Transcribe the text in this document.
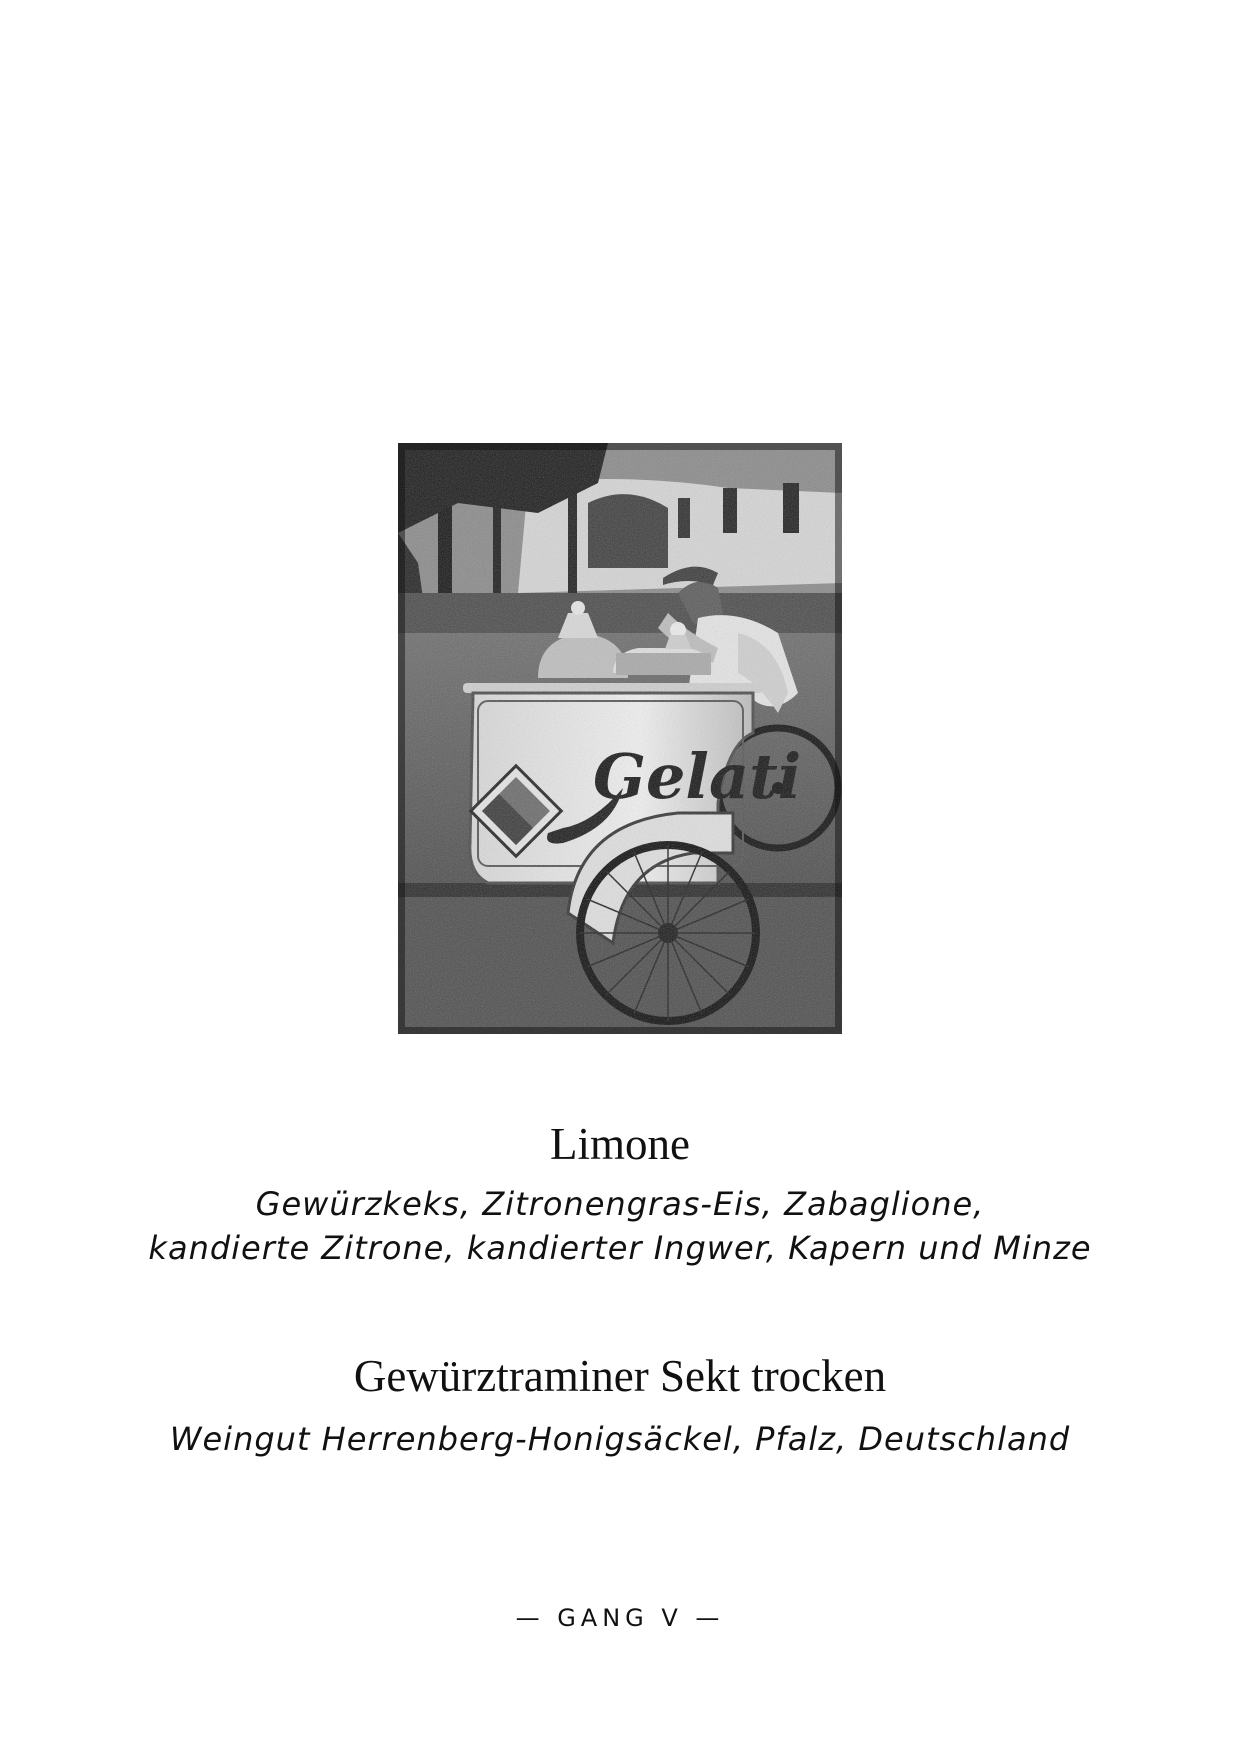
Limone
Gewürzkeks, Zitronengras-Eis, Zabaglione,
kandierte Zitrone, kandierter Ingwer, Kapern und Minze
Gewürztraminer Sekt trocken
Weingut Herrenberg-Honigsäckel, Pfalz, Deutschland
— GANG V —
